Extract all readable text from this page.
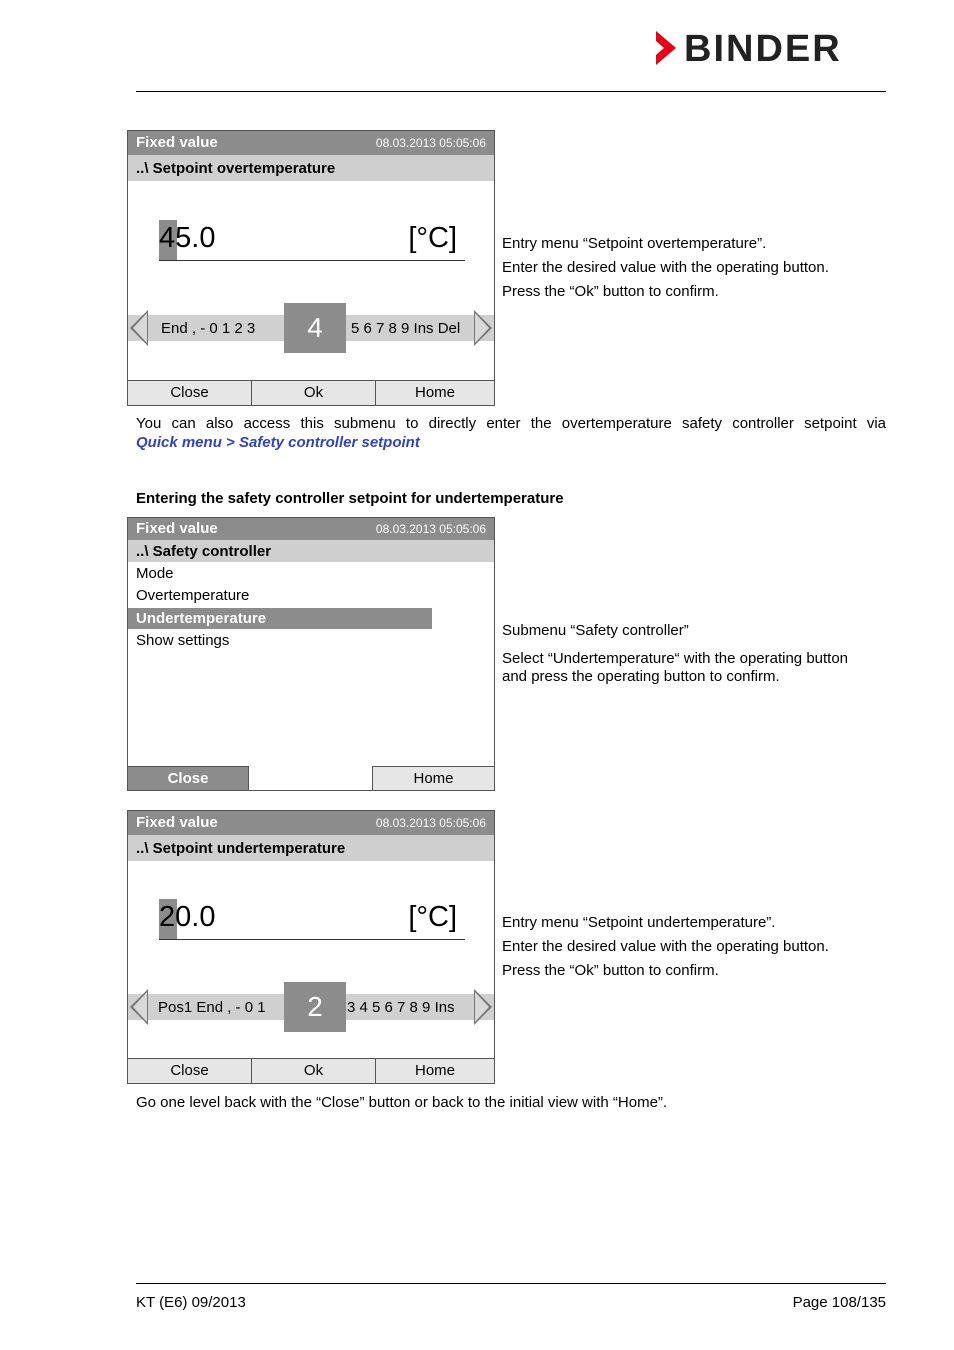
BINDER
Fixed value	08.03.2013 05:05:06
..\ Setpoint overtemperature
45.0	[°C]
End , - 0 1 2 3	5 6 7 8 9 Ins Del
4
Close	Ok	Home
Entry menu “Setpoint overtemperature”.
Enter the desired value with the operating button.
Press the “Ok” button to confirm.
You can also access this submenu to directly enter the overtemperature safety controller setpoint via
Quick menu > Safety controller setpoint
Entering the safety controller setpoint for undertemperature
Fixed value	08.03.2013 05:05:06
..\ Safety controller
Mode
Overtemperature
Undertemperature
Show settings
Close	Home
Submenu “Safety controller”
Select “Undertemperature“ with the operating button
and press the operating button to confirm.
Fixed value	08.03.2013 05:05:06
..\ Setpoint undertemperature
20.0	[°C]
Pos1 End , - 0 1	3 4 5 6 7 8 9 Ins
2
Close	Ok	Home
Entry menu “Setpoint undertemperature”.
Enter the desired value with the operating button.
Press the “Ok” button to confirm.
Go one level back with the “Close” button or back to the initial view with “Home”.
KT (E6) 09/2013	Page 108/135
